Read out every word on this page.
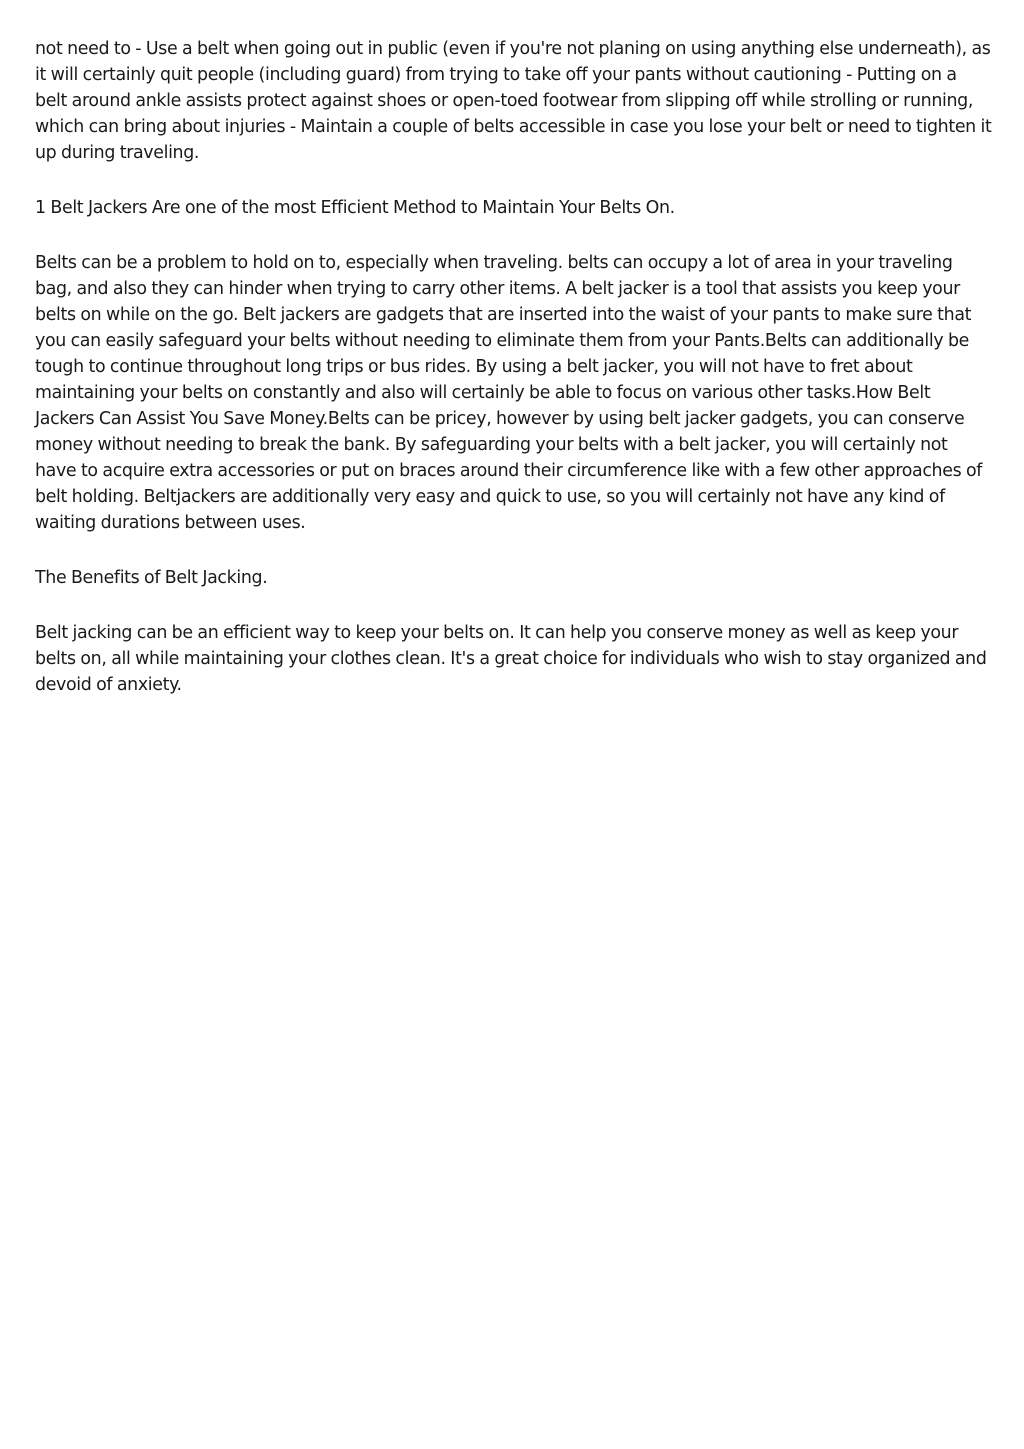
not need to - Use a belt when going out in public (even if you're not planing on using anything else underneath), as it will certainly quit people (including guard) from trying to take off your pants without cautioning - Putting on a belt around ankle assists protect against shoes or open-toed footwear from slipping off while strolling or running, which can bring about injuries - Maintain a couple of belts accessible in case you lose your belt or need to tighten it up during traveling.

1 Belt Jackers Are one of the most Efficient Method to Maintain Your Belts On.

Belts can be a problem to hold on to, especially when traveling. belts can occupy a lot of area in your traveling bag, and also they can hinder when trying to carry other items. A belt jacker is a tool that assists you keep your belts on while on the go. Belt jackers are gadgets that are inserted into the waist of your pants to make sure that you can easily safeguard your belts without needing to eliminate them from your Pants.Belts can additionally be tough to continue throughout long trips or bus rides. By using a belt jacker, you will not have to fret about maintaining your belts on constantly and also will certainly be able to focus on various other tasks.How Belt Jackers Can Assist You Save Money.Belts can be pricey, however by using belt jacker gadgets, you can conserve money without needing to break the bank. By safeguarding your belts with a belt jacker, you will certainly not have to acquire extra accessories or put on braces around their circumference like with a few other approaches of belt holding. Beltjackers are additionally very easy and quick to use, so you will certainly not have any kind of waiting durations between uses.

The Benefits of Belt Jacking.

Belt jacking can be an efficient way to keep your belts on. It can help you conserve money as well as keep your belts on, all while maintaining your clothes clean. It's a great choice for individuals who wish to stay organized and devoid of anxiety.
